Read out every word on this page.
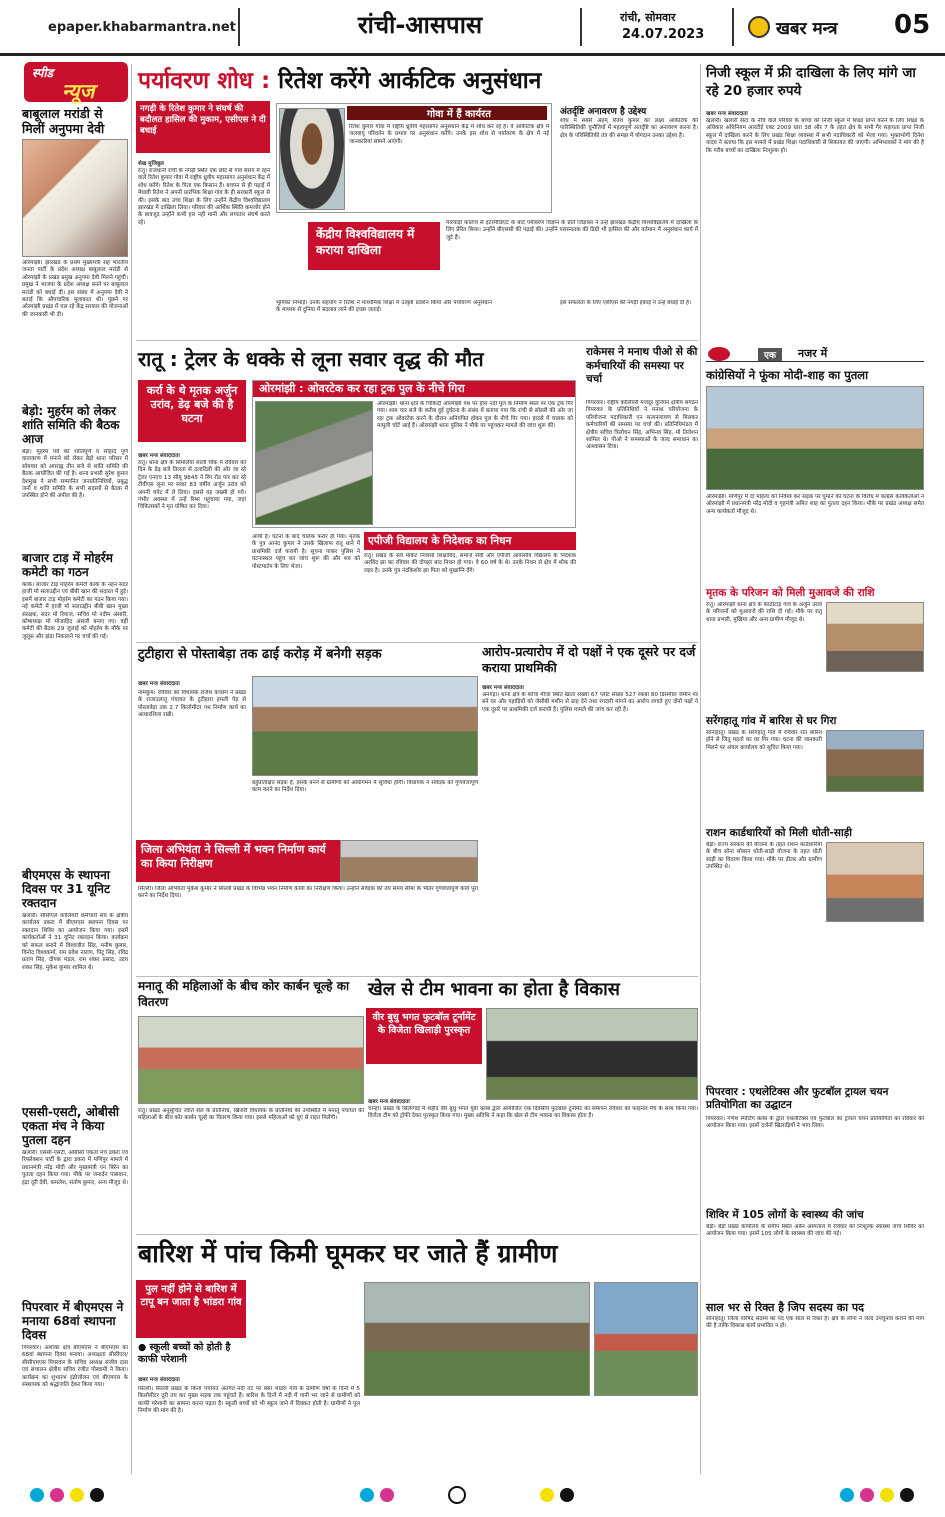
epaper.khabarmantra.net	रांची-आसपास	रांची, सोमवार
24.07.2023	खबर मन्त्र 05
स्पीड
न्यूज
बाबूलाल मरांडी से मिलीं अनुपमा देवी
ओरमांझी। झारखंड के प्रथम मुख्यमंत्री सह भारतीय जनता पार्टी के प्रदेश अध्यक्ष बाबूलाल मरांडी से ओरमांझी के प्रखंड प्रमुख अनुपमा देवी मिलने पहुंचीं। प्रमुख ने भाजपा के प्रदेश अध्यक्ष बनने पर बाबूलाल मरांडी को बधाई दी। इस संबंध में अनुपमा देवी ने बताई कि औपचारिक मुलाकात थी। पूछने पर ओरमांझी प्रखंड में चल रहे केंद्र सरकार की योजनाओं की जानकारी भी दी।
बेड़ो: मुहर्रम को लेकर शांति समिति की बैठक आज
बेड़ो। मुहर्रम पर्व को शांतिपूर्ण व सौहार्द पूर्ण वातावरण में मनाने को लेकर बेड़ो थाना परिसर में सोमवार को अपराह्न तीन बजे से शांति समिति की बैठक आयोजित की गई है। थाना प्रभारी सुरेश कुमार देशमुख ने सभी सम्मानित जनप्रतिनिधियों, प्रबुद्ध जनों व शांति समिति के सभी सदस्यों से बैठक में उपस्थित होने की अपील की है।
बाजार टाड़ में मोहर्रम कमेटी का गठन
कांके। बाजार टाड़ मोहर्रम कमेटी कांके के नहन सदर हाजी मो सलाउद्दीन एवं बीबी खान की सदारत में हुई। इसमें बाजार टाड़ मोहर्रम कमेटी का गठन किया गया। नई कमेटी में हाजी मो सलाउद्दीन बीबी खान मुख्य संरक्षक, सदर मो रियाज, सचिव मो नदीम अंसारी, कोषाध्यक्ष मो मोजाहिद अंसारी बनाए गए। वहीं कमेटी की बैठक 29 जुलाई को मोहर्रम के मौके पर जुलूस और झंडा निकालने पर चर्चा की गई।
बीएमएस के स्थापना दिवस पर 31 यूनिट रक्तदान
खलारी। सीसीएल कॉलियरी कर्मचारी संघ के क्षेत्रीय कार्यालय डकरा में बीएमएस स्थापना दिवस पर रक्तदान शिविर का आयोजन किया गया। इसमें कार्यकर्ताओं ने 31 यूनिट रक्तदान किया। कार्यक्रम को सफल बनाने में विश्वजीत सिंह, मनीष कुमार, विनोद विश्वकर्मा, राम प्रवेश नाराण, पिंटू सिंह, रविंद्र प्रताप सिंह, दीपक मंडल, राम शंकर प्रसाद, उदय शंकर सिंह, मुकेश कुमार शामिल थे।
एससी-एसटी, ओबीसी एकता मंच ने किया पुतला दहन
खलारी। एससी-एसटी, ओबीसी एकता मंच डकरा एवं रिफ्लेक्शन पार्टी के द्वारा डकरा में मणिपुर मामले में प्रधानमंत्री नरेंद्र मोदी और मुख्यमंत्री एन बिरेन का पुतला दहन किया गया। मौके पर जनार्दन पासवान, इंद्रा दूरी देवी, कमलेश, संतोष कुमार, अन्य मौजूद थे।
पिपरवार में बीएमएस ने मनाया 68वां स्थापना दिवस
पिपरवार। अशोका क्षेत्र बीएमएस ने बीएमएस का 68वां स्थापना दिवस मनाया। अध्यक्षता सीसीएल/सीसीएमएस पिपरवार के सचिव अध्यक्ष संजीव दास एवं संचालन क्षेत्रीय सचिव रंजीत गोस्वामी ने किया। कार्यक्रम का शुभारंभ इंडोत्तोलन एवं बीएमएस के संस्थापक को श्रद्धांजलि देकर किया गया।
पर्यावरण शोध : रितेश करेंगे आर्कटिक अनुसंधान
नगड़ी के रितेश कुमार ने संघर्ष की बदौलत हासिल की मुकाम, एसीएस ने दी बधाई
शेख मुजिबुल
रातू। राजधानी रांची के नगड़ी स्थित एक छोटे से गांव सारंग में रहने वाले रितेश कुमार गोवा में राष्ट्रीय ध्रुवीय महासागर अनुसंधान केंद्र में शोध करेंगे। रितेश के पिता एक किसान हैं। बचपन से ही पढ़ाई में मेधावी रितेश ने अपनी प्रारंभिक शिक्षा गांव के ही सरकारी स्कूल से की। इसके बाद उच्च शिक्षा के लिए उन्होंने केंद्रीय विश्वविद्यालय झारखंड में दाखिला लिया। परिवार की आर्थिक स्थिति कमजोर होने के बावजूद उन्होंने कभी हार नहीं मानी और लगातार संघर्ष करते रहे।
गोवा में हैं कार्यरत
रितेश कुमार गोवा में राष्ट्रीय ध्रुवीय महासागर अनुसंधान केंद्र में शोध कर रहे हैं। वे आर्कटिक क्षेत्र में जलवायु परिवर्तन के प्रभाव पर अनुसंधान करेंगे। उनके इस शोध से पर्यावरण के क्षेत्र में नई जानकारियां सामने आएंगी।
अंतर्दृष्टि अनावरण है उद्देश्य
शोध में सबसे अहम् रितेश कुमार का लक्ष्य आर्कटिक की पारिस्थितिकी चुनौतियों में महत्वपूर्ण अंतर्दृष्टि का अनावरण करना है। क्षेत्र के परिस्थितिकी तंत्र की समझ में योगदान उनका उद्देश्य है।
केंद्रीय विश्वविद्यालय में कराया दाखिला
मारवाड़ी कॉलेज से इंटरमीडिएट के बाद पर्यावरण विज्ञान के प्रति जिज्ञासा ने उन्हें झारखंड केंद्रीय विश्वविद्यालय में दाखिला के लिए प्रेरित किया। उन्होंने बीएससी की पढ़ाई की। उन्होंने परास्नातक की डिग्री भी हासिल की और वर्तमान में अनुसंधान कार्य में जुटे हैं।
भूमिका निभाई। उनके सहयोग ने रितेश ने माध्यमिक शिक्षा में उत्कृष्ट प्रदर्शन किया और पर्यावरण अनुसंधान के माध्यम से दुनिया में बदलाव लाने की इच्छा जताई।
इस सफलता के लिए एसीएस की नगड़ी इकाई ने उन्हें बधाई दी है।
निजी स्कूल में फ्री दाखिला के लिए मांगे जा रहे 20 हजार रुपये
खबर मन्त्र संवाददाता
खलारी। खलारी रेस्टा के नीचे वाले परिवार के बच्चों को निजी स्कूल में शिक्षा प्राप्त करने के लिए शिक्षा के अधिकार अधिनियम आरटीई एक्ट 2009 धारा 38 और 7 के तहत क्षेत्र के सभी गैर सहायता प्राप्त निजी स्कूल में दाखिला करने के लिए प्रखंड शिक्षा व्यवस्था में सभी पदाधिकारी को भेजा गया। भुक्तभोगी दिनेश यादव ने बताया कि इस मामले में प्रखंड शिक्षा पदाधिकारी से शिकायत की जाएगी। अभिभावकों ने मांग की है कि गरीब बच्चों का दाखिला निःशुल्क हो।
रातू : ट्रेलर के धक्के से लूना सवार वृद्ध की मौत
कर्रा के थे मृतक अर्जुन उरांव, डेढ़ बजे की है घटना
खबर मन्त्र संवाददाता
रातू। थाना क्षेत्र के सिमलिया साली चौक में रविवार को दिन के डेढ़ बजे तिलता से दलादिली की ओर जा रहे ट्रेलर एनएच 13 सीयू 9845 ने रिंग रोड पार कर रहे टीवीएस लूना पर सवार 83 वर्षीय अर्जुन उरांव को अपनी चपेट में ले लिया। इससे वह जख्मी हो गये। गंभीर अवस्था में उन्हें रिम्स पहुंचाया गया, जहां चिकित्सकों ने मृत घोषित कर दिया।
ओरमांझी : ओवरटेक कर रहा ट्रक पुल के नीचे गिरा
ओरमांझी। थाना क्षेत्र के चिकिंदी ओरमांझी पथ पर होरा नदी पुल के निर्माण स्थल पर एक ट्रक गिर गया। शाम चार बजे के करीब हुई दुर्घटना के संबंध में बताया गया कि रांची से सोसरी की ओर जा रहा ट्रक ओवरटेक करने के दौरान अनियंत्रित होकर पुल के नीचे गिर गया। हादसे में चालक को मामूली चोटें आई हैं। ओरमांझी थाना पुलिस ने मौके पर पहुंचकर मामले की जांच शुरू की।
आयी है। घटना के बाद चालक फरार हो गया। मृतक के पुत्र आनंद कुमार ने उसके खिलाफ रातू थाने में प्राथमिकी दर्ज करायी है। सूचना पाकर पुलिस ने घटनास्थल पहुंच कर जांच शुरू की और शव को पोस्टमार्टम के लिए भेजा।
एपीजी विद्यालय के निदेशक का निधन
रातू। प्रखंड के सर्वे मार्केट निवासी शिक्षाविद, समाज सेवी और एपीजी आवासीय विद्यालय के निदेशक अरविंद झा का रविवार की दोपहर बाद निधन हो गया। वे 60 वर्ष के थे। उनके निधन से क्षेत्र में शोक की लहर है। उनके पुत्र नंदकिशोर झा पिता को मुखाग्नि देंगे।
राकेमस ने मनाथ पीओ से की कर्मचारियों की समस्या पर चर्चा
पिपरवार। राष्ट्रीय कोलियरी मजदूर यूनियन क्षेत्रीय संगठन पिपरवार के प्रतिनिधियों ने मनाथ परियोजना के परियोजना पदाधिकारी एन सत्यनारायण से मिलकर कर्मचारियों की समस्या पर चर्चा की। प्रतिनिधिमंडल में क्षेत्रीय सचिव त्रिलोचन सिंह, अभिनव सिंह, मो तिलेशन शामिल थे। पीओ ने समस्याओं के जल्द समाधान का आश्वासन दिया।
एक	नजर में
कांग्रेसियों ने फूंका मोदी-शाह का पुतला
ओरमांझी। मणिपुर में दो महिला को निर्वस्त्र कर सड़क पर घुमाने की घटना के विरोध में कांग्रेस कार्यकर्ताओं ने ओरमांझी में प्रधानमंत्री नरेंद्र मोदी व गृहमंत्री अमित शाह का पुतला दहन किया। मौके पर प्रखंड अध्यक्ष समेत अन्य कार्यकर्ता मौजूद थे।
मृतक के परिजन को मिली मुआवजे की राशि
रातू। ओरमांझी थाना क्षेत्र के काठीटांड़ गांव के अर्जुन उरांव के परिजनों को मुआवजे की राशि दी गई। मौके पर रातू थाना प्रभारी, मुखिया और अन्य ग्रामीण मौजूद थे।
सरेंगहातू गांव में बारिश से घर गिरा
सोनाहातू। प्रखंड के सरेंगहातू गांव में रविवार रात बारिश होने से जितू महतो का घर गिर गया। घटना की जानकारी मिलने पर अंचल कार्यालय को सूचित किया गया।
राशन कार्डधारियों को मिली धोती-साड़ी
बेड़ो। राज्य सरकार की योजना के तहत राशन कार्डधारियों के बीच सोना सोबरन धोती-साड़ी योजना के तहत धोती साड़ी का वितरण किया गया। मौके पर डीलर और ग्रामीण उपस्थित थे।
पिपरवार : एथलेटिक्स और फुटबॉल ट्रायल चयन प्रतियोगिता का उद्घाटन
पिपरवार। गणेश स्पोर्टिंग क्लब के द्वारा एथलेटिक्स एवं फुटबॉल का ट्रायल चयन प्रतियोगिता का रविवार को आयोजन किया गया। इसमें दर्जनों खिलाड़ियों ने भाग लिया।
शिविर में 105 लोगों के स्वास्थ्य की जांच
बेड़ो। बेड़ो प्रखंड कार्यालय के समीप स्थित अर्बन अस्पताल में रविवार को निःशुल्क स्वास्थ्य जांच शिविर का आयोजन किया गया। इसमें 105 लोगों के स्वास्थ्य की जांच की गई।
साल भर से रिक्त है जिप सदस्य का पद
सोनाहातू। जिला परिषद सदस्य का पद एक साल से रिक्त है। क्षेत्र के लोगों ने जल्द उपचुनाव कराने की मांग की है ताकि विकास कार्य प्रभावित न हो।
टुटीहारा से पोस्ताबेड़ा तक ढाई करोड़ में बनेगी सड़क
खबर मन्त्र संवाददाता
नामकुम। रविवार को विधायक राजेश कच्छप ने प्रखंड के राजाउलातू पंचायत के टुटीहारा इमली पेड़ से पोस्ताबेड़ा तक 2.7 किलोमीटर पथ निर्माण कार्य का आधारशिला रखी।
बहुप्रतिक्षित सड़क है, इसके बनने से ग्रामीणों को आवागमन में सुविधा होगी। विधायक ने संवेदक को गुणवत्तापूर्ण काम करने का निर्देश दिया।
आरोप-प्रत्यारोप में दो पक्षों ने एक दूसरे पर दर्ज कराया प्राथमिकी
खबर मन्त्र संवाददाता
अनगड़ा। थाना क्षेत्र के कोचा मौजा स्थित खाता संख्या 67 प्लॉट संख्या 527 रकबा 80 डिसमील जमीन पर बने घर और पहाड़ियों को जेसीबी मशीन से ढाह देने तथा रंगदारी मांगने का आरोप लगाते हुए दोनों पक्षों ने एक दूसरे पर प्राथमिकी दर्ज करायी है। पुलिस मामले की जांच कर रही है।
जिला अभियंता ने सिल्ली में भवन निर्माण कार्य का किया निरीक्षण
सिल्ली। जिला अभियंता मुकेश कुमार ने सिल्ली प्रखंड के विभिन्न भवन निर्माण कार्यों का निरीक्षण किया। उन्होंने संवेदक को तय समय सीमा के भीतर गुणवत्तापूर्ण कार्य पूरा करने का निर्देश दिया।
मनातू की महिलाओं के बीच कोर कार्बन चूल्हे का वितरण
रातू। प्रखंड अनुसूचित जाति सेल के प्रतिनिधि, खिजरी विधायक के प्रतिनिधि की उपस्थिति में मनातू पंचायत की महिलाओं के बीच कोर कार्बन चूल्हे का वितरण किया गया। इससे महिलाओं को धुएं से राहत मिलेगी।
खेल से टीम भावना का होता है विकास
वीर बुधु भगत फुटबॉल टूर्नामेंट के विजेता खिलाड़ी पुरस्कृत
खबर मन्त्र संवाददाता
चान्हो। प्रखंड के सिलागाई में शहीद वीर बुधु भगत युवा क्लब द्वारा आयोजित एक दिवसीय फुटबॉल टूर्नामेंट का समापन रविवार को फाइनल मैच के साथ किया गया। विजेता टीम को ट्रॉफी देकर पुरस्कृत किया गया। मुख्य अतिथि ने कहा कि खेल से टीम भावना का विकास होता है।
बारिश में पांच किमी घूमकर घर जाते हैं ग्रामीण
पुल नहीं होने से बारिश में टापू बन जाता है भांडरा गांव
● स्कूली बच्चों को होती है काफी परेशानी
खबर मन्त्र संवाददाता
सिल्ली। सिल्ली प्रखंड के किता पंचायत अंतर्गत नदी तट पर बसा भांडरा गांव के ग्रामीण वर्षा के दिनों में 5 किलोमीटर दूरी तय कर मुख्य सड़क तक पहुंचते हैं। बारिश के दिनों में नदी में पानी भर जाने से ग्रामीणों को काफी परेशानी का सामना करना पड़ता है। स्कूली बच्चों को भी स्कूल जाने में दिक्कत होती है। ग्रामीणों ने पुल निर्माण की मांग की है।
